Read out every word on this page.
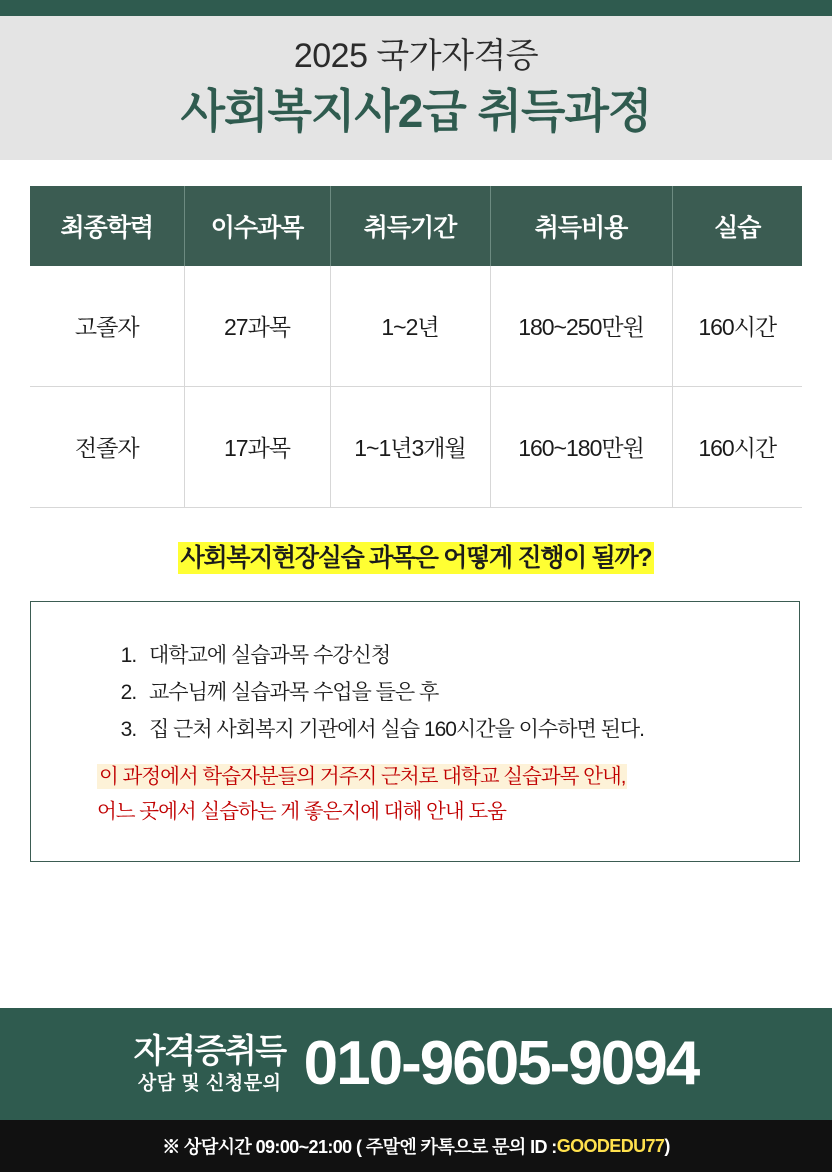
2025 국가자격증
사회복지사2급 취득과정
최종학력	이수과목	취득기간	취득비용	실습
고졸자	27과목	1~2년	180~250만원	160시간
전졸자	17과목	1~1년3개월	160~180만원	160시간
사회복지현장실습 과목은 어떻게 진행이 될까?
1. 대학교에 실습과목 수강신청
2. 교수님께 실습과목 수업을 들은 후
3. 집 근처 사회복지 기관에서 실습 160시간을 이수하면 된다.
이 과정에서 학습자분들의 거주지 근처로 대학교 실습과목 안내,
어느 곳에서 실습하는 게 좋은지에 대해 안내 도움
자격증취득
상담 및 신청문의 010-9605-9094
※ 상담시간 09:00~21:00 ( 주말엔 카톡으로 문의 ID : GOODEDU77 )
